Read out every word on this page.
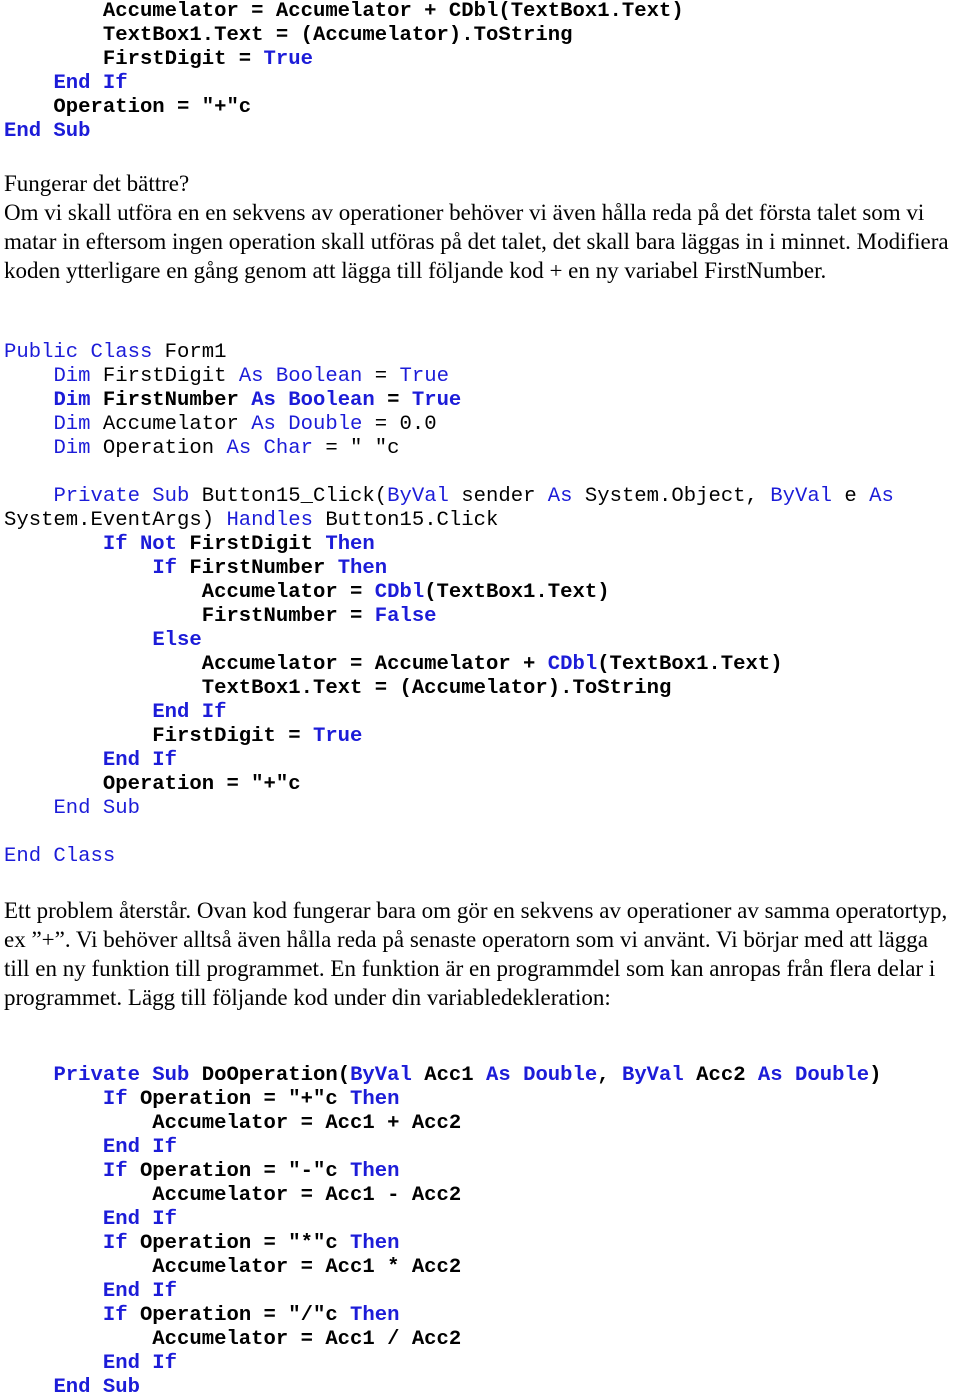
Accumelator = Accumelator + CDbl(TextBox1.Text)
TextBox1.Text = (Accumelator).ToString
FirstDigit = True
End If
Operation = "+"c
End Sub

Fungerar det bättre?
Om vi skall utföra en en sekvens av operationer behöver vi även hålla reda på det första talet som vi matar in eftersom ingen operation skall utföras på det talet, det skall bara läggas in i minnet. Modifiera koden ytterligare en gång genom att lägga till följande kod + en ny variabel FirstNumber.

Public Class Form1
Dim FirstDigit As Boolean = True
Dim FirstNumber As Boolean = True
Dim Accumelator As Double = 0.0
Dim Operation As Char = " "c
Private Sub Button15_Click(ByVal sender As System.Object, ByVal e As
System.EventArgs) Handles Button15.Click
If Not FirstDigit Then
If FirstNumber Then
Accumelator = CDbl(TextBox1.Text)
FirstNumber = False
Else
Accumelator = Accumelator + CDbl(TextBox1.Text)
TextBox1.Text = (Accumelator).ToString
End If
FirstDigit = True
End If
Operation = "+"c
End Sub
End Class

Ett problem återstår. Ovan kod fungerar bara om gör en sekvens av operationer av samma operatortyp, ex ”+”. Vi behöver alltså även hålla reda på senaste operatorn som vi använt. Vi börjar med att lägga till en ny funktion till programmet. En funktion är en programmdel som kan anropas från flera delar i programmet. Lägg till följande kod under din variabledekleration:

Private Sub DoOperation(ByVal Acc1 As Double, ByVal Acc2 As Double)
If Operation = "+"c Then
Accumelator = Acc1 + Acc2
End If
If Operation = "-"c Then
Accumelator = Acc1 - Acc2
End If
If Operation = "*"c Then
Accumelator = Acc1 * Acc2
End If
If Operation = "/"c Then
Accumelator = Acc1 / Acc2
End If
End Sub
